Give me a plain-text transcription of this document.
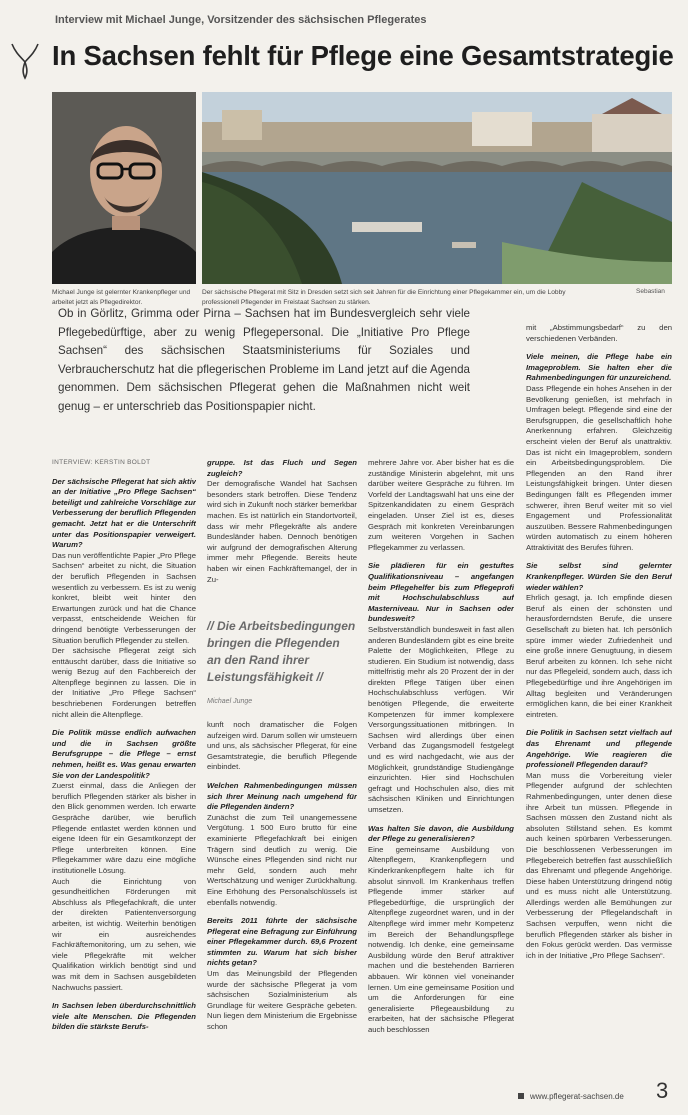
Interview mit Michael Junge, Vorsitzender des sächsischen Pflegerates
In Sachsen fehlt für Pflege eine Gesamtstrategie
Michael Junge ist gelernter Krankenpfleger und arbeitet jetzt als Pflegedirektor.
Der sächsische Pflegerat mit Sitz in Dresden setzt sich seit Jahren für die Einrichtung einer Pflegekammer ein, um die Lobby professionell Pflegender im Freistaat Sachsen zu stärken.
Sebastian
Ob in Görlitz, Grimma oder Pirna – Sachsen hat im Bundesvergleich sehr viele Pflegebedürftige, aber zu wenig Pflegepersonal. Die „Initiative Pro Pflege Sachsen“ des sächsischen Staatsministeriums für Soziales und Verbraucherschutz hat die pflegerischen Probleme im Land jetzt auf die Agenda genommen. Dem sächsischen Pflegerat gehen die Maßnahmen nicht weit genug – er unterschrieb das Positionspapier nicht.
INTERVIEW: KERSTIN BOLDT

Der sächsische Pflegerat hat sich aktiv an der Initiative „Pro Pflege Sachsen“ beteiligt und zahlreiche Vorschläge zur Verbesserung der beruflich Pflegenden gemacht. Jetzt hat er die Unterschrift unter das Positionspapier verweigert. Warum?

Das nun veröffentlichte Papier „Pro Pflege Sachsen“ arbeitet zu nicht, die Situation der beruflich Pflegenden in Sachsen wesentlich zu verbessern. Es ist zu wenig konkret, bleibt weit hinter den Erwartungen zurück und hat die Chance verpasst, entscheidende Weichen für dringend benötigte Verbesserungen der Situation beruflich Pflegender zu stellen.

Der sächsische Pflegerat zeigt sich enttäuscht darüber, dass die Initiative so wenig Bezug auf den Fachbereich der Altenpflege beginnen zu lassen. Die in der Initiative „Pro Pflege Sachsen“ beschriebenen Forderungen betreffen nicht allein die Altenpflege.

Die Politik müsse endlich aufwachen und die in Sachsen größte Berufsgruppe – die Pflege – ernst nehmen, heißt es. Was genau erwarten Sie von der Landespolitik?

Zuerst einmal, dass die Anliegen der beruflich Pflegenden stärker als bisher in den Blick genommen werden. Ich erwarte Gespräche darüber, wie beruflich Pflegende entlastet werden können und eigene Ideen für ein Gesamtkonzept der Pflege unterbreiten können. Eine Pflegekammer wäre dazu eine mögliche institutionelle Lösung.

Auch die Einrichtung von gesundheitlichen Förderungen mit Abschluss als Pflegefachkraft, die unter der direkten Patientenversorgung arbeiten, ist wichtig. Weiterhin benötigen wir ein ausreichendes Fachkräftemonitoring, um zu sehen, wie viele Pflegekräfte mit welcher Qualifikation wirklich benötigt sind und was mit dem in Sachsen ausgebildeten Nachwuchs passiert.

In Sachsen leben überdurchschnittlich viele alte Menschen. Die Pflegenden bilden die stärkste Berufs-

gruppe. Ist das Fluch und Segen zugleich?

Der demografische Wandel hat Sachsen besonders stark betroffen. Diese Tendenz wird sich in Zukunft noch stärker bemerkbar machen. Es ist natürlich ein Standortvorteil, dass wir mehr Pflegekräfte als andere Bundesländer haben. Dennoch benötigen wir aufgrund der demografischen Alterung immer mehr Pflegende. Bereits heute haben wir einen Fachkräftemangel, der in Zu-

// Die Arbeitsbedingungen bringen die Pflegenden an den Rand ihrer Leistungsfähigkeit //
Michael Junge

kunft noch dramatischer die Folgen aufzeigen wird. Darum sollen wir umsteuern und uns, als sächsischer Pflegerat, für eine Gesamtstrategie, die beruflich Pflegende einbindet.

Welchen Rahmenbedingungen müssen sich Ihrer Meinung nach umgehend für die Pflegenden ändern?

Zunächst die zum Teil unangemessene Vergütung. 1 500 Euro brutto für eine examinierte Pflegefachkraft bei einigen Trägern sind deutlich zu wenig. Die Wünsche eines Pflegenden sind nicht nur mehr Geld, sondern auch mehr Wertschätzung und weniger Zurückhaltung. Eine Erhöhung des Personalschlüssels ist ebenfalls notwendig.

Bereits 2011 führte der sächsische Pflegerat eine Befragung zur Einführung einer Pflegekammer durch. 69,6 Prozent stimmten zu. Warum hat sich bisher nichts getan?

Um das Meinungsbild der Pflegenden wurde der sächsische Pflegerat ja vom sächsischen Sozialministerium als Grundlage für weitere Gespräche gebeten. Nun liegen dem Ministerium die Ergebnisse schon

mehrere Jahre vor. Aber bisher hat es die zuständige Ministerin abgelehnt, mit uns darüber weitere Gespräche zu führen. Im Vorfeld der Landtagswahl hat uns eine der Spitzenkandidaten zu einem Gespräch eingeladen. Unser Ziel ist es, dieses Gespräch mit konkreten Vereinbarungen zum weiteren Vorgehen in Sachen Pflegekammer zu verlassen.

Sie plädieren für ein gestuftes Qualifikationsniveau – angefangen beim Pflegehelfer bis zum Pflegeprofi mit Hochschulabschluss auf Masterniveau. Nur in Sachsen oder bundesweit?

Selbstverständlich bundesweit in fast allen anderen Bundesländern gibt es eine breite Palette der Möglichkeiten, Pflege zu studieren. Ein Studium ist notwendig, dass mittelfristig mehr als 20 Prozent der in der direkten Pflege Tätigen über einen Hochschulabschluss verfügen. Wir benötigen Pflegende, die erweiterte Kompetenzen für immer komplexere Versorgungssituationen mitbringen. In Sachsen wird allerdings über einen Verband das Zugangsmodell festgelegt und es wird nachgedacht, wie aus der Möglichkeit, grundständige Studiengänge einzurichten. Hier sind Hochschulen gefragt und Hochschulen also, dies mit sächsischen Kliniken und Einrichtungen umsetzen.

Was halten Sie davon, die Ausbildung der Pflege zu generalisieren?

Eine gemeinsame Ausbildung von Altenpflegern, Krankenpflegern und Kinderkrankenpflegern halte ich für absolut sinnvoll. Im Krankenhaus treffen Pflegende immer stärker auf Pflegebedürftige, die ursprünglich der Altenpflege zugeordnet waren, und in der Altenpflege wird immer mehr Kompetenz im Bereich der Behandlungspflege notwendig. Ich denke, eine gemeinsame Ausbildung würde den Beruf attraktiver machen und die bestehenden Barrieren abbauen. Wir können viel voneinander lernen. Um eine gemeinsame Position und um die Anforderungen für eine generalisierte Pflegeausbildung zu erarbeiten, hat der sächsische Pflegerat auch beschlossen

mit „Abstimmungsbedarf“ zu den verschiedenen Verbänden.

Viele meinen, die Pflege habe ein Imageproblem. Sie halten eher die Rahmenbedingungen für unzureichend.

Dass Pflegende ein hohes Ansehen in der Bevölkerung genießen, ist mehrfach in Umfragen belegt. Pflegende sind eine der Berufsgruppen, die gesellschaftlich hohe Anerkennung erfahren. Gleichzeitig erscheint vielen der Beruf als unattraktiv. Das ist nicht ein Imageproblem, sondern ein Arbeitsbedingungsproblem. Die Pflegenden an den Rand ihrer Leistungsfähigkeit bringen. Unter diesen Bedingungen fällt es Pflegenden immer schwerer, ihren Beruf weiter mit so viel Engagement und Professionalität auszuüben. Bessere Rahmenbedingungen würden automatisch zu einem höheren Attraktivität des Berufes führen.

Sie selbst sind gelernter Krankenpfleger. Würden Sie den Beruf wieder wählen?

Ehrlich gesagt, ja. Ich empfinde diesen Beruf als einen der schönsten und herausforderndsten Berufe, die unsere Gesellschaft zu bieten hat. Ich persönlich spüre immer wieder Zufriedenheit und eine große innere Genugtuung, in diesem Beruf arbeiten zu können. Ich sehe nicht nur das Pflegeleid, sondern auch, dass ich Pflegebedürftige und ihre Angehörigen im Alltag begleiten und Veränderungen ermöglichen kann, die bei einer Krankheit eintreten.

Die Politik in Sachsen setzt vielfach auf das Ehrenamt und pflegende Angehörige. Wie reagieren die professionell Pflegenden darauf?

Man muss die Vorbereitung vieler Pflegender aufgrund der schlechten Rahmenbedingungen, unter denen diese ihre Arbeit tun müssen. Pflegende in Sachsen müssen den Zustand nicht als absoluten Stillstand sehen. Es kommt auch keinen spürbaren Verbesserungen. Die beschlossenen Verbesserungen im Pflegebereich betreffen fast ausschließlich das Ehrenamt und pflegende Angehörige. Diese haben Unterstützung dringend nötig und es muss nicht alle Unterstützung. Allerdings werden alle Bemühungen zur Verbesserung der Pflegelandschaft in Sachsen verpuffen, wenn nicht die beruflich Pflegenden stärker als bisher in den Fokus gerückt werden. Das vermisse ich in der Initiative „Pro Pflege Sachsen“.

www.pflegerat-sachsen.de 3
